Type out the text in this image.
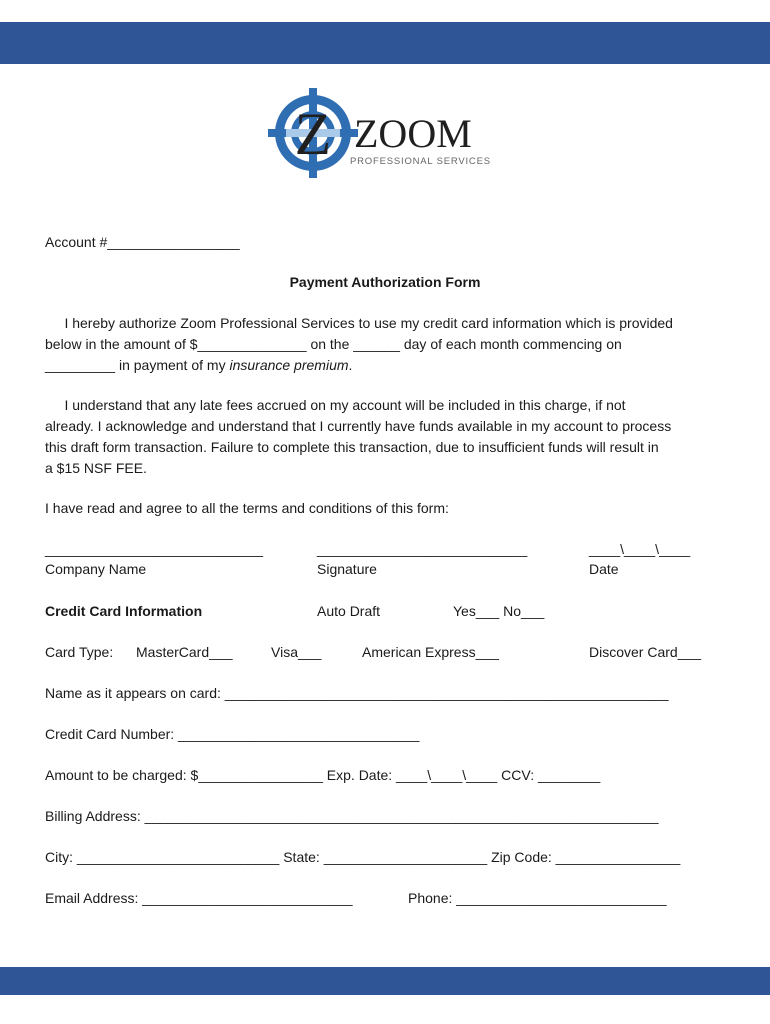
Z ZOOM
PROFESSIONAL SERVICES
Account #_________________
Payment Authorization Form
I hereby authorize Zoom Professional Services to use my credit card information which is provided
below in the amount of $______________ on the ______ day of each month commencing on
_________ in payment of my insurance premium.
I understand that any late fees accrued on my account will be included in this charge, if not
already. I acknowledge and understand that I currently have funds available in my account to process
this draft form transaction. Failure to complete this transaction, due to insufficient funds will result in
a $15 NSF FEE.
I have read and agree to all the terms and conditions of this form:
____________________________
Company Name
___________________________
Signature
____\____\____
Date
Credit Card Information	Auto Draft	Yes___ No___
Card Type: MasterCard___	Visa___	American Express___	Discover Card___
Name as it appears on card: _________________________________________________________
Credit Card Number: _______________________________
Amount to be charged: $________________ Exp. Date: ____\____\____ CCV: ________
Billing Address: __________________________________________________________________
City: __________________________ State: _____________________ Zip Code: ________________
Email Address: ___________________________	Phone: ___________________________
